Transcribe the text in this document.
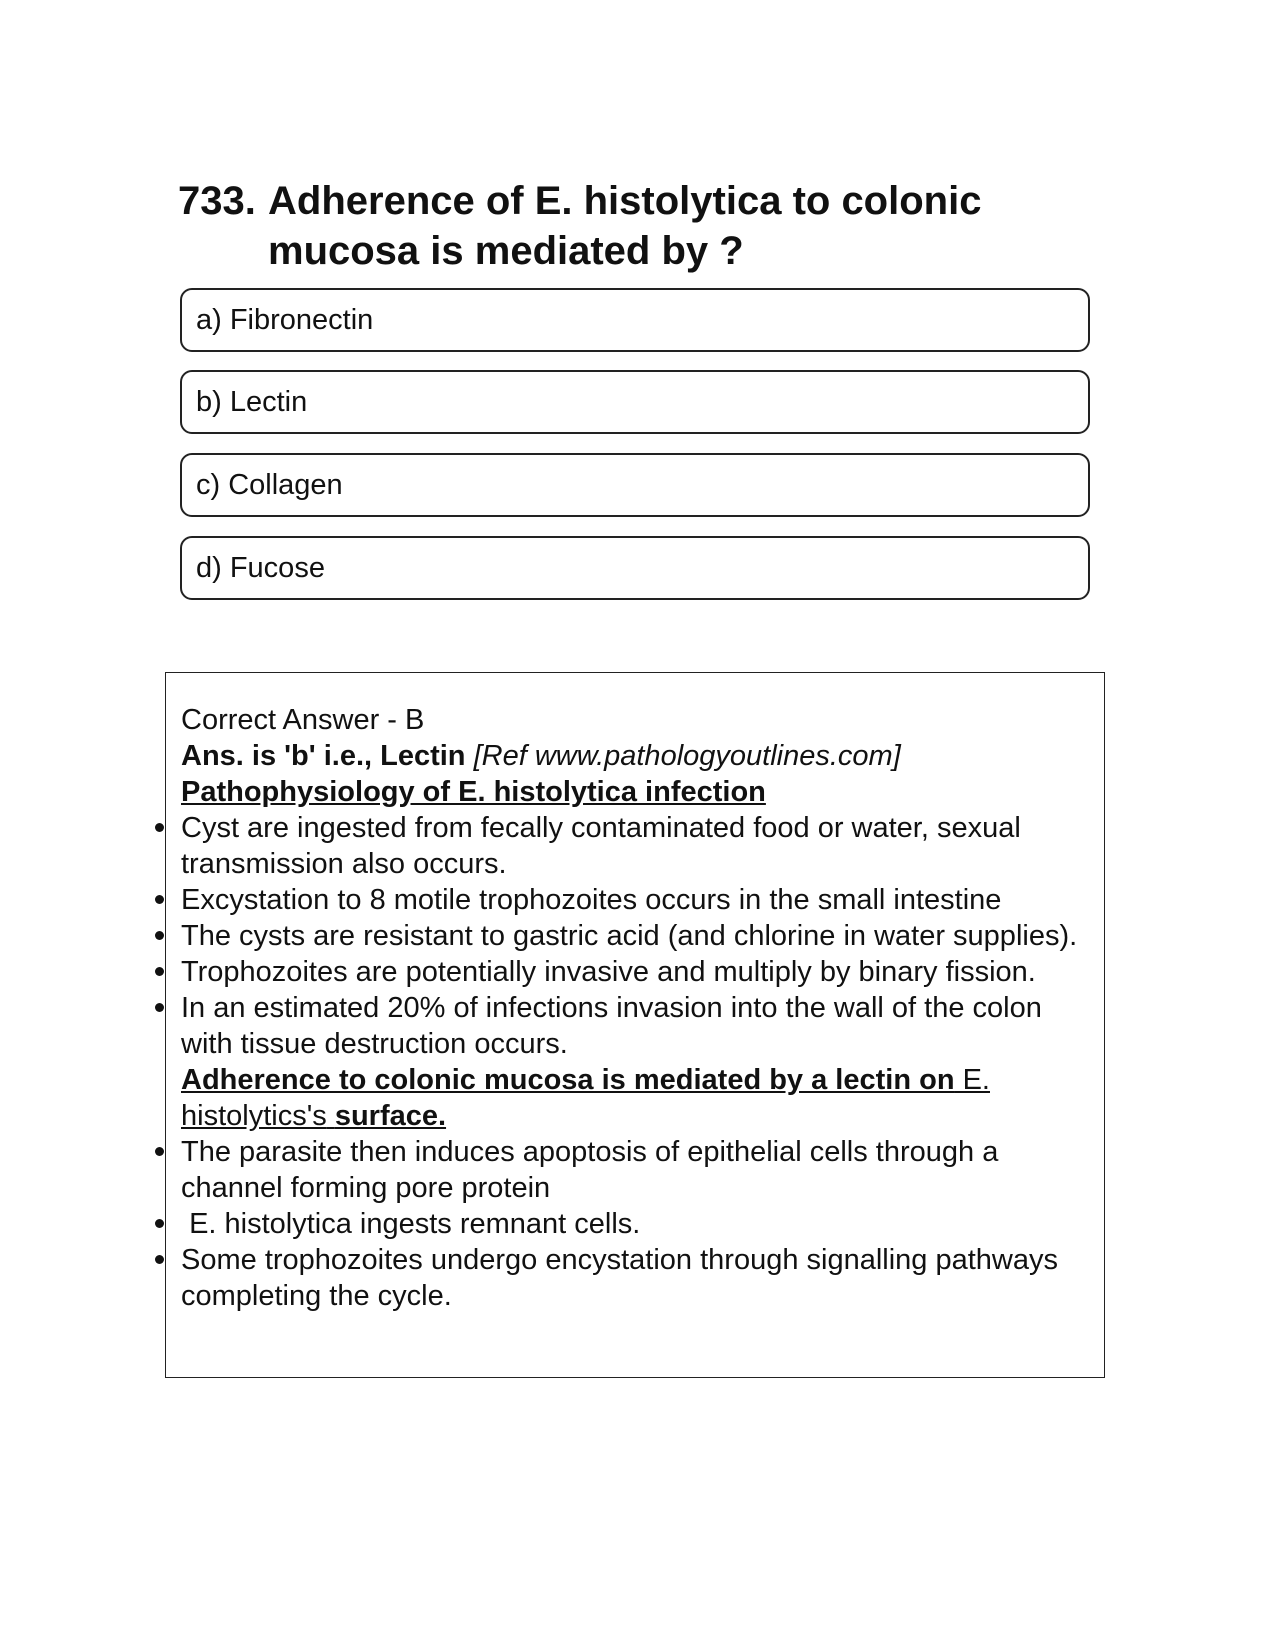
733. Adherence of E. histolytica to colonic mucosa is mediated by ?
a) Fibronectin
b) Lectin
c) Collagen
d) Fucose
Correct Answer - B
Ans. is 'b' i.e., Lectin [Ref www.pathologyoutlines.com]
Pathophysiology of E. histolytica infection
Cyst are ingested from fecally contaminated food or water, sexual transmission also occurs.
Excystation to 8 motile trophozoites occurs in the small intestine
The cysts are resistant to gastric acid (and chlorine in water supplies).
Trophozoites are potentially invasive and multiply by binary fission.
In an estimated 20% of infections invasion into the wall of the colon with tissue destruction occurs.
Adherence to colonic mucosa is mediated by a lectin on E. histolytics's surface.
The parasite then induces apoptosis of epithelial cells through a channel forming pore protein
E. histolytica ingests remnant cells.
Some trophozoites undergo encystation through signalling pathways completing the cycle.
